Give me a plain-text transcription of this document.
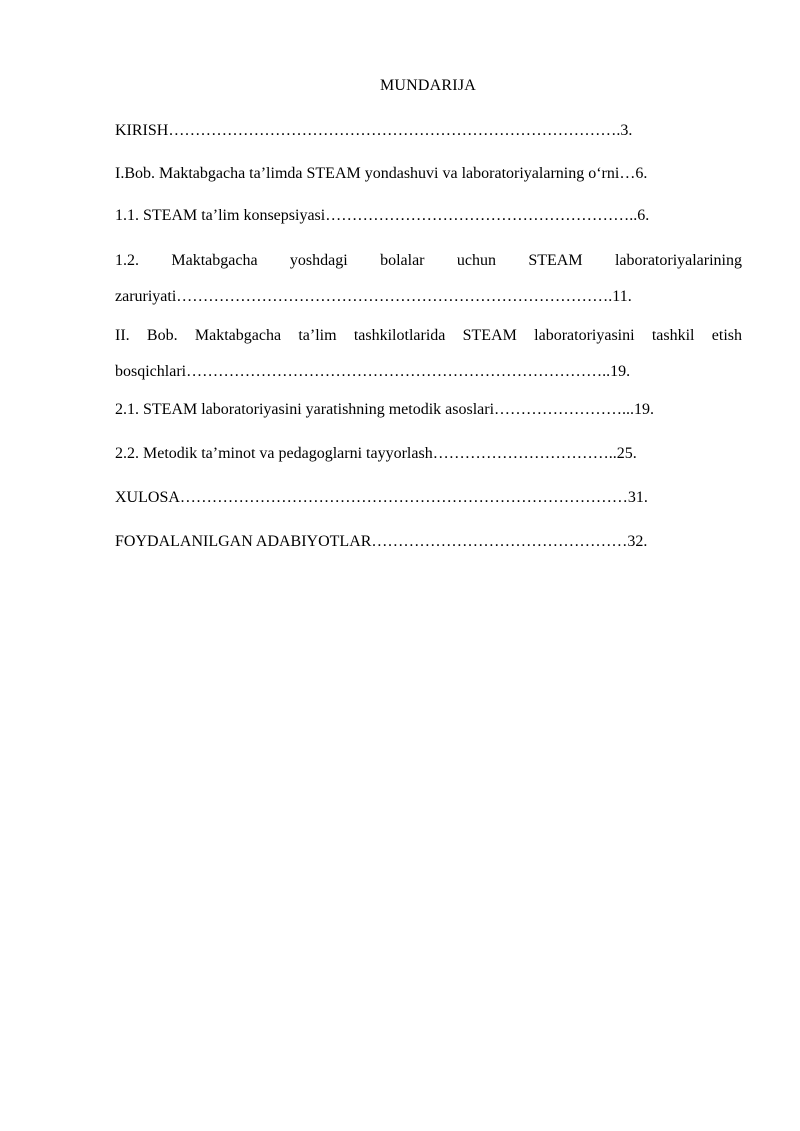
MUNDARIJA
KIRISH………………………………………………………………………….3.
I.Bob. Maktabgacha ta’limda STEAM yondashuvi va laboratoriyalarning o‘rni…6.
1.1. STEAM ta’lim konsepsiyasi…………………………………………………..6.
1.2. Maktabgacha yoshdagi bolalar uchun STEAM laboratoriyalarining
zaruriyati……………………………………………………………………….11.
II. Bob. Maktabgacha ta’lim tashkilotlarida STEAM laboratoriyasini tashkil etish
bosqichlari……………………………………………………………………..19.
2.1. STEAM laboratoriyasini yaratishning metodik asoslari……………………...19.
2.2. Metodik ta’minot va pedagoglarni tayyorlash……………………………..25.
XULOSA…………………………………………………………………………31.
FOYDALANILGAN ADABIYOTLAR…………………………………………32.
